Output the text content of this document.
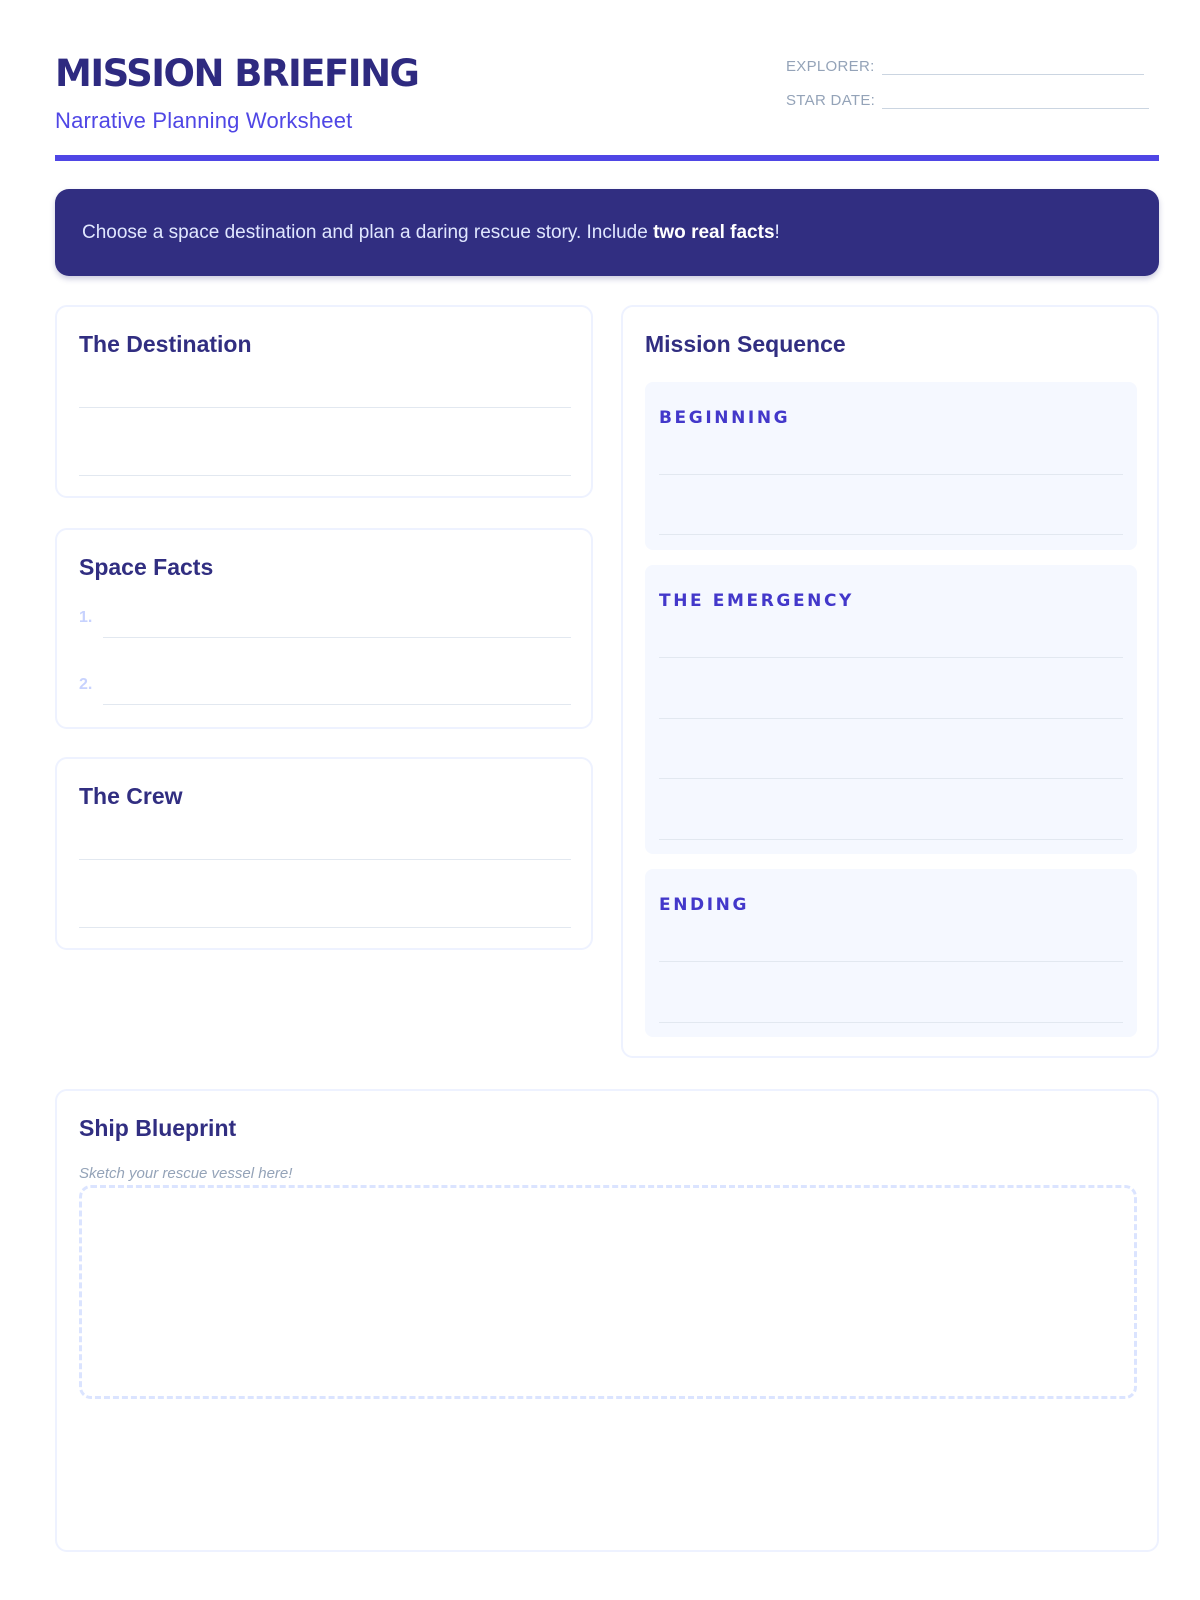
MISSION BRIEFING
Narrative Planning Worksheet
EXPLORER:
STAR DATE:
Choose a space destination and plan a daring rescue story. Include two real facts!
The Destination
Space Facts
1.
2.
The Crew
Mission Sequence
BEGINNING
THE EMERGENCY
ENDING
Ship Blueprint
Sketch your rescue vessel here!
